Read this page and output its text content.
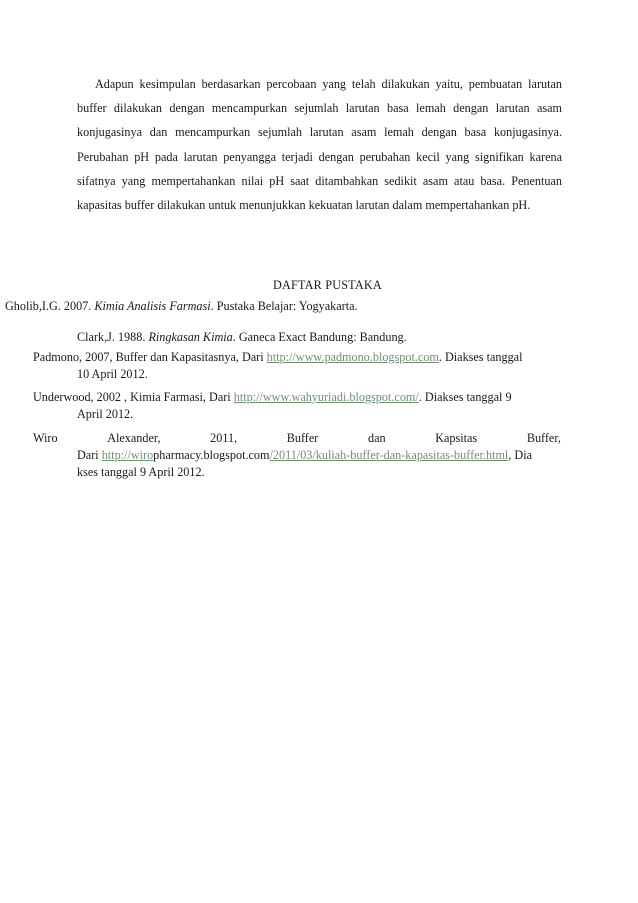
Adapun kesimpulan berdasarkan percobaan yang telah dilakukan yaitu, pembuatan larutan buffer dilakukan dengan mencampurkan sejumlah larutan basa lemah dengan larutan asam konjugasinya dan mencampurkan sejumlah larutan asam lemah dengan basa konjugasinya. Perubahan pH pada larutan penyangga terjadi dengan perubahan kecil yang signifikan karena sifatnya yang mempertahankan nilai pH saat ditambahkan sedikit asam atau basa. Penentuan kapasitas buffer dilakukan untuk menunjukkan kekuatan larutan dalam mempertahankan pH.

DAFTAR PUSTAKA

Gholib,I.G. 2007. Kimia Analisis Farmasi. Pustaka Belajar: Yogyakarta.

Clark,J. 1988. Ringkasan Kimia. Ganeca Exact Bandung: Bandung.

Padmono, 2007, Buffer dan Kapasitasnya, Dari http://www.padmono.blogspot.com. Diakses tanggal
10 April 2012.

Underwood, 2002 , Kimia Farmasi, Dari http://www.wahyuriadi.blogspot.com/. Diakses tanggal 9
April 2012.

Wiro	Alexander,	2011,	Buffer	dan	Kapsitas	Buffer,
Dari http://wiropharmacy.blogspot.com/2011/03/kuliah-buffer-dan-kapasitas-buffer.html, Dia
kses tanggal 9 April 2012.
